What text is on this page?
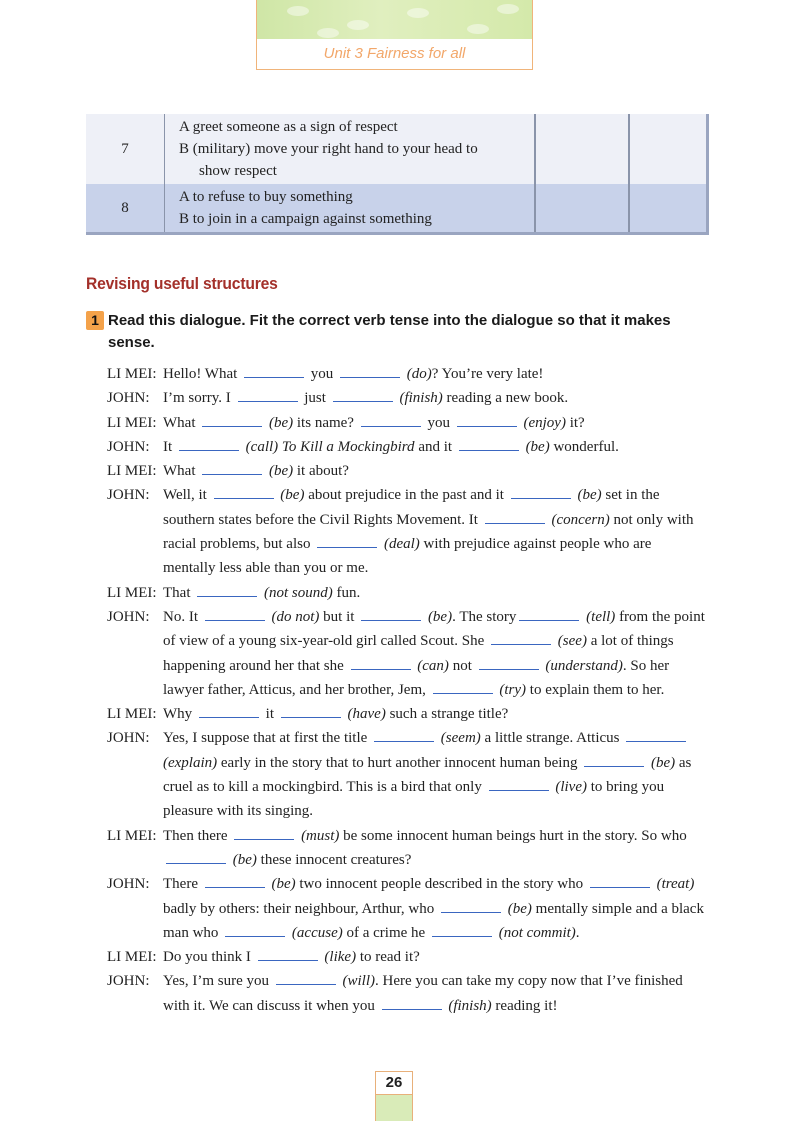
Unit 3 Fairness for all
7	A greet someone as a sign of respect
B (military) move your right hand to your head to
show respect		

8	A to refuse to buy something
B to join in a campaign against something		

Revising useful structures
1 Read this dialogue. Fit the correct verb tense into the dialogue so that it makes
sense.
LI MEI: Hello! What	you	(do)? You’re very late!
JOHN: I’m sorry. I	just	(finish) reading a new book.
LI MEI: What	(be) its name?	you	(enjoy) it?
JOHN: It	(call) To Kill a Mockingbird and it	(be) wonderful.
LI MEI: What	(be) it about?
JOHN: Well, it	(be) about prejudice in the past and it	(be) set in the southern states before the Civil Rights Movement. It	(concern) not only with racial problems, but also	(deal) with prejudice against people who are mentally less able than you or me.
LI MEI: That	(not sound) fun.
JOHN: No. It	(do not) but it	(be). The story	(tell) from the point of view of a young six-year-old girl called Scout. She	(see) a lot of things happening around her that she	(can) not	(understand). So her lawyer father, Atticus, and her brother, Jem,	(try) to explain them to her.
LI MEI: Why	it	(have) such a strange title?
JOHN: Yes, I suppose that at first the title	(seem) a little strange. Atticus  (explain) early in the story that to hurt another innocent human being	(be) as cruel as to kill a mockingbird. This is a bird that only	(live) to bring you pleasure with its singing.
LI MEI: Then there	(must) be some innocent human beings hurt in the story. So who  (be) these innocent creatures?
JOHN: There	(be) two innocent people described in the story who	(treat) badly by others: their neighbour, Arthur, who	(be) mentally simple and a black man who	(accuse) of a crime he	(not commit).
LI MEI: Do you think I	(like) to read it?
JOHN: Yes, I’m sure you	(will). Here you can take my copy now that I’ve finished with it. We can discuss it when you	(finish) reading it!
26
